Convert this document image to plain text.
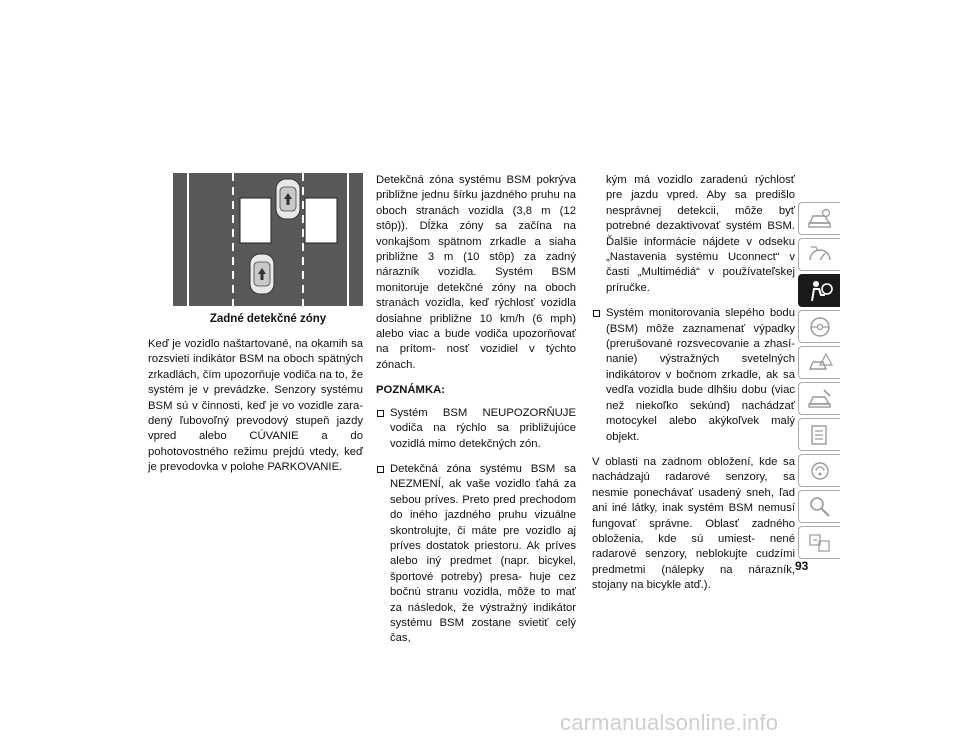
Zadné detekčné zóny

Keď je vozidlo naštartované, na okamih sa rozsvieti indikátor BSM na oboch spätných zrkadlách, čím upozorňuje vodiča na to, že systém je v prevádzke. Senzory systému BSM sú v činnosti, keď je vo vozidle zara- dený ľubovoľný prevodový stupeň jazdy vpred alebo CÚVANIE a do pohotovostného režimu prejdú vtedy, keď je prevodovka v polohe PARKOVANIE.

Detekčná zóna systému BSM pokrýva približne jednu šírku jazdného pruhu na oboch stranách vozidla (3,8 m (12 stôp)). Dĺžka zóny sa začína na vonkajšom spätnom zrkadle a siaha približne 3 m (10 stôp) za zadný nárazník vozidla. Systém BSM monitoruje detekčné zóny na oboch stranách vozidla, keď rýchlosť vozidla dosiahne približne 10 km/h (6 mph) alebo viac a bude vodiča upozorňovať na prítom- nosť vozidiel v týchto zónach.

POZNÁMKA:
Systém BSM NEUPOZORŇUJE vodiča na rýchlo sa približujúce vozidlá mimo detekčných zón.
Detekčná zóna systému BSM sa NEZMENÍ, ak vaše vozidlo ťahá za sebou príves. Preto pred prechodom do iného jazdného pruhu vizuálne skontrolujte, či máte pre vozidlo aj príves dostatok priestoru. Ak príves alebo iný predmet (napr. bicykel, športové potreby) presa- huje cez bočnú stranu vozidla, môže to mať za následok, že výstražný indikátor systému BSM zostane svietiť celý čas,
kým má vozidlo zaradenú rýchlosť pre jazdu vpred. Aby sa predišlo nesprávnej detekcii, môže byť potrebné dezaktivovať systém BSM. Ďalšie informácie nájdete v odseku „Nastavenia systému Uconnect“ v časti „Multimédiá“ v používateľskej príručke.
Systém monitorovania slepého bodu (BSM) môže zaznamenať výpadky (prerušované rozsvecovanie a zhasí- nanie) výstražných svetelných indikátorov v bočnom zrkadle, ak sa vedľa vozidla bude dlhšiu dobu (viac než niekoľko sekúnd) nachádzať motocykel alebo akýkoľvek malý objekt.

V oblasti na zadnom obložení, kde sa nachádzajú radarové senzory, sa nesmie ponechávať usadený sneh, ľad ani iné látky, inak systém BSM nemusí fungovať správne. Oblasť zadného obloženia, kde sú umiest- nené radarové senzory, neblokujte cudzími predmetmi (nálepky na nárazník, stojany na bicykle atď.).

93
carmanualsonline.info
